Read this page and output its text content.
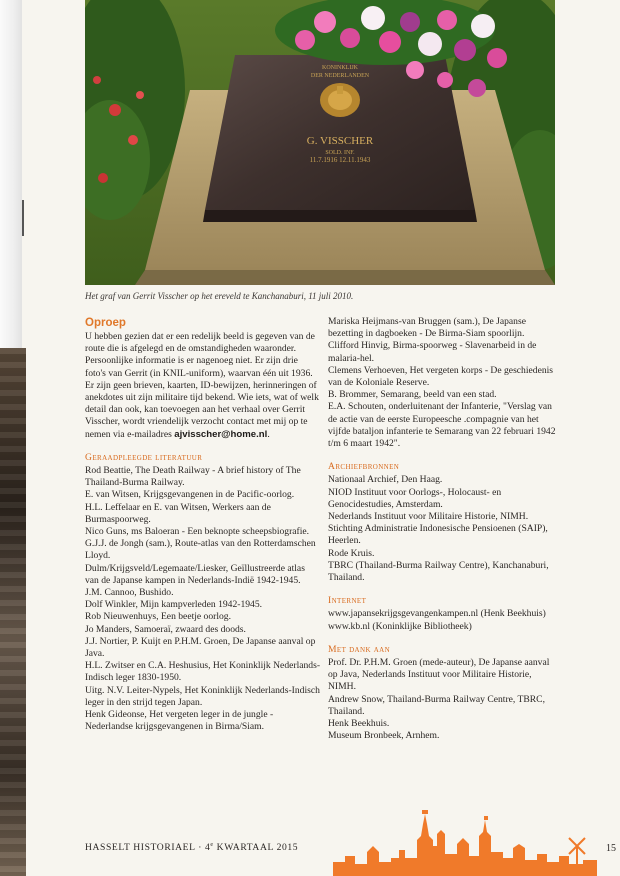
KONINKLIJK
DER NEDERLANDEN
G. VISSCHER
SOLD. INF.
11.7.1916 12.11.1943
Het graf van Gerrit Visscher op het ereveld te Kanchanaburi, 11 juli 2010.
Oproep

U hebben gezien dat er een redelijk beeld is gegeven van de route die is afgelegd en de omstandigheden waaronder. Persoonlijke informatie is er nagenoeg niet. Er zijn drie foto's van Gerrit (in KNIL-uniform), waarvan één uit 1936. Er zijn geen brieven, kaarten, ID-bewijzen, herinneringen of anekdotes uit zijn militaire tijd bekend. Wie iets, wat of welk detail dan ook, kan toevoegen aan het verhaal over Gerrit Visscher, wordt vriendelijk verzocht contact met mij op te nemen via e-mailadres ajvisscher@home.nl.

Geraadpleegde literatuur
Rod Beattie, The Death Railway - A brief history of The Thailand-Burma Railway.
E. van Witsen, Krijgsgevangenen in de Pacific-oorlog.
H.L. Leffelaar en E. van Witsen, Werkers aan de Burmaspoorweg.
Nico Guns, ms Baloeran - Een beknopte scheepsbiografie.
G.J.J. de Jongh (sam.), Route-atlas van den Rotterdamschen Lloyd.
Dulm/Krijgsveld/Legemaate/Liesker, Geïllustreerde atlas van de Japanse kampen in Nederlands-Indië 1942-1945.
J.M. Cannoo, Bushido.
Dolf Winkler, Mijn kampverleden 1942-1945.
Rob Nieuwenhuys, Een beetje oorlog.
Jo Manders, Samoeraï, zwaard des doods.
J.J. Nortier, P. Kuijt en P.H.M. Groen, De Japanse aanval op Java.
H.L. Zwitser en C.A. Heshusius, Het Koninklijk Nederlands-Indisch leger 1830-1950.
Uitg. N.V. Leiter-Nypels, Het Koninklijk Nederlands-Indisch leger in den strijd tegen Japan.
Henk Gideonse, Het vergeten leger in de jungle - Nederlandse krijgsgevangenen in Birma/Siam.
Mariska Heijmans-van Bruggen (sam.), De Japanse bezetting in dagboeken - De Birma-Siam spoorlijn.
Clifford Hinvig, Birma-spoorweg - Slavenarbeid in de malaria-hel.
Clemens Verhoeven, Het vergeten korps - De geschiedenis van de Koloniale Reserve.
B. Brommer, Semarang, beeld van een stad.
E.A. Schouten, onderluitenant der Infanterie, "Verslag van de actie van de eerste Europeesche .compagnie van het vijfde bataljon infanterie te Semarang van 22 februari 1942 t/m 6 maart 1942".
Archiefbronnen
Nationaal Archief, Den Haag.
NIOD Instituut voor Oorlogs-, Holocaust- en Genocidestudies, Amsterdam.
Nederlands Instituut voor Militaire Historie, NIMH.
Stichting Administratie Indonesische Pensioenen (SAIP), Heerlen.
Rode Kruis.
TBRC (Thailand-Burma Railway Centre), Kanchanaburi, Thailand.
Internet
www.japansekrijgsgevangenkampen.nl (Henk Beekhuis)
www.kb.nl (Koninklijke Bibliotheek)
Met dank aan
Prof. Dr. P.H.M. Groen (mede-auteur), De Japanse aanval op Java, Nederlands Instituut voor Militaire Historie, NIMH.
Andrew Snow, Thailand-Burma Railway Centre, TBRC, Thailand.
Henk Beekhuis.
Museum Bronbeek, Arnhem.
HASSELT HISTORIAEL · $4^e$ KWARTAAL 2015	15
